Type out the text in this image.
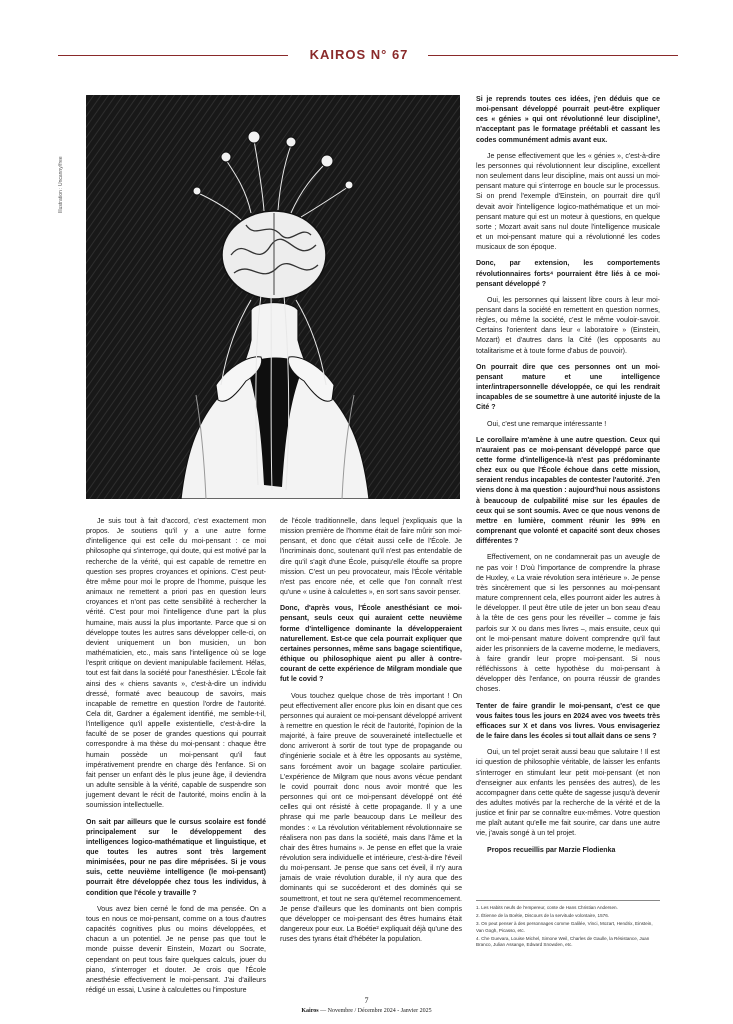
KAIROS N° 67
Illustration : Uncanny/free

Je suis tout à fait d'accord, c'est exactement mon propos. Je soutiens qu'il y a une autre forme d'intelligence qui est celle du moi-pensant : ce moi philosophe qui s'interroge, qui doute, qui est motivé par la recherche de la vérité, qui est capable de remettre en question ses propres croyances et opinions. C'est peut-être même pour moi le propre de l'homme, puisque les animaux ne remettent a priori pas en question leurs croyances et n'ont pas cette sensibilité à rechercher la vérité. C'est pour moi l'intelligence d'une part la plus humaine, mais aussi la plus importante. Parce que si on développe toutes les autres sans développer celle-ci, on devient uniquement un bon musicien, un bon mathématicien, etc., mais sans l'intelligence où se loge l'esprit critique on devient manipulable facilement. Hélas, tout est fait dans la société pour l'anesthésier. L'École fait ainsi des « chiens savants », c'est-à-dire un individu dressé, formaté avec beaucoup de savoirs, mais incapable de remettre en question l'ordre de l'autorité. Cela dit, Gardner a également identifié, me semble-t-il, l'intelligence qu'il appelle existentielle, c'est-à-dire la faculté de se poser de grandes questions qui pourrait correspondre à ma thèse du moi-pensant : chaque être humain possède un moi-pensant qu'il faut impérativement prendre en charge dès l'enfance. Si on fait penser un enfant dès le plus jeune âge, il deviendra un adulte sensible à la vérité, capable de suspendre son jugement devant le récit de l'autorité, moins enclin à la soumission intellectuelle.

On sait par ailleurs que le cursus scolaire est fondé principalement sur le développement des intelligences logico-mathématique et linguistique, et que toutes les autres sont très largement minimisées, pour ne pas dire méprisées. Si je vous suis, cette neuvième intelligence (le moi-pensant) pourrait être développée chez tous les individus, à condition que l'école y travaille ?

Vous avez bien cerné le fond de ma pensée. On a tous en nous ce moi-pensant, comme on a tous d'autres capacités cognitives plus ou moins développées, et chacun a un potentiel. Je ne pense pas que tout le monde puisse devenir Einstein, Mozart ou Socrate, cependant on peut tous faire quelques calculs, jouer du piano, s'interroger et douter. Je crois que l'École anesthésie effectivement le moi-pensant. J'ai d'ailleurs rédigé un essai, L'usine à calculettes ou l'imposture

de l'école traditionnelle, dans lequel j'expliquais que la mission première de l'homme était de faire mûrir son moi-pensant, et donc que c'était aussi celle de l'École. Je l'incriminais donc, soutenant qu'il n'est pas entendable de dire qu'il s'agit d'une École, puisqu'elle étouffe sa propre mission. C'est un peu provocateur, mais l'École véritable n'est pas encore née, et celle que l'on connaît n'est qu'une « usine à calculettes », en sort sans savoir penser.

Donc, d'après vous, l'École anesthésiant ce moi-pensant, seuls ceux qui auraient cette neuvième forme d'intelligence dominante la développeraient naturellement. Est-ce que cela pourrait expliquer que certaines personnes, même sans bagage scientifique, éthique ou philosophique aient pu aller à contre-courant de cette expérience de Milgram mondiale que fut le covid ?

Vous touchez quelque chose de très important ! On peut effectivement aller encore plus loin en disant que ces personnes qui auraient ce moi-pensant développé arrivent à remettre en question le récit de l'autorité, l'opinion de la majorité, à faire preuve de souveraineté intellectuelle et donc arriveront à sortir de tout type de propagande ou d'ingénierie sociale et à être les opposants au système, sans forcément avoir un bagage scolaire particulier. L'expérience de Milgram que nous avons vécue pendant le covid pourrait donc nous avoir montré que les personnes qui ont ce moi-pensant développé ont été celles qui ont résisté à cette propagande. Il y a une phrase qui me parle beaucoup dans Le meilleur des mondes : « La révolution véritablement révolutionnaire se réalisera non pas dans la société, mais dans l'âme et la chair des êtres humains ». Je pense en effet que la vraie révolution sera individuelle et intérieure, c'est-à-dire l'éveil du moi-pensant. Je pense que sans cet éveil, il n'y aura jamais de vraie révolution durable, il n'y aura que des dominants qui se succéderont et des dominés qui se soumettront, et tout ne sera qu'éternel recommencement. Je pense d'ailleurs que les dominants ont bien compris que développer ce moi-pensant des êtres humains était dangereux pour eux. La Boétie² expliquait déjà qu'une des ruses des tyrans était d'hébéter la population.

Si je reprends toutes ces idées, j'en déduis que ce moi-pensant développé pourrait peut-être expliquer ces « génies » qui ont révolutionné leur discipline³, n'acceptant pas le formatage préétabli et cassant les codes communément admis avant eux.

Je pense effectivement que les « génies », c'est-à-dire les personnes qui révolutionnent leur discipline, excellent non seulement dans leur discipline, mais ont aussi un moi-pensant mature qui s'interroge en boucle sur le processus. Si on prend l'exemple d'Einstein, on pourrait dire qu'il devait avoir l'intelligence logico-mathématique et un moi-pensant mature qui est un moteur à questions, en quelque sorte ; Mozart avait sans nul doute l'intelligence musicale et un moi-pensant mature qui a révolutionné les codes musicaux de son époque.

Donc, par extension, les comportements révolutionnaires forts⁴ pourraient être liés à ce moi-pensant développé ?

Oui, les personnes qui laissent libre cours à leur moi-pensant dans la société en remettent en question normes, règles, ou même la société, c'est le même vouloir-savoir. Certains l'orientent dans leur « laboratoire » (Einstein, Mozart) et d'autres dans la Cité (les opposants au totalitarisme et à toute forme d'abus de pouvoir).

On pourrait dire que ces personnes ont un moi-pensant mature et une intelligence inter/intrapersonnelle développée, ce qui les rendrait incapables de se soumettre à une autorité injuste de la Cité ?

Oui, c'est une remarque intéressante !

Le corollaire m'amène à une autre question. Ceux qui n'auraient pas ce moi-pensant développé parce que cette forme d'intelligence-là n'est pas prédominante chez eux ou que l'École échoue dans cette mission, seraient rendus incapables de contester l'autorité. J'en viens donc à ma question : aujourd'hui nous assistons à beaucoup de culpabilité mise sur les épaules de ceux qui se sont soumis. Avec ce que nous venons de mettre en lumière, comment réunir les 99% en comprenant que volonté et capacité sont deux choses différentes ?

Effectivement, on ne condamnerait pas un aveugle de ne pas voir ! D'où l'importance de comprendre la phrase de Huxley, « La vraie révolution sera intérieure ». Je pense très sincèrement que si les personnes au moi-pensant mature comprennent cela, elles pourront aider les autres à le développer. Il peut être utile de jeter un bon seau d'eau à la tête de ces gens pour les réveiller – comme je fais parfois sur X ou dans mes livres –, mais ensuite, ceux qui ont le moi-pensant mature doivent comprendre qu'il faut aider les prisonniers de la caverne moderne, le mediavers, à faire grandir leur propre moi-pensant. Si nous réfléchissons à cette hypothèse du moi-pensant à développer dès l'enfance, on pourra réussir de grandes choses.

Tenter de faire grandir le moi-pensant, c'est ce que vous faites tous les jours en 2024 avec vos tweets très efficaces sur X et dans vos livres. Vous envisageriez de le faire dans les écoles si tout allait dans ce sens ?

Oui, un tel projet serait aussi beau que salutaire ! Il est ici question de philosophie véritable, de laisser les enfants s'interroger en stimulant leur petit moi-pensant (et non d'enseigner aux enfants les pensées des autres), de les accompagner dans cette quête de sagesse jusqu'à devenir des adultes motivés par la recherche de la vérité et de la justice et finir par se connaître eux-mêmes. Votre question me plaît autant qu'elle me fait sourire, car dans une autre vie, j'avais songé à un tel projet.

Propos recueillis par Marzie Flodienka

1. Les Habits neufs de l'empereur, conte de Hans Christian Andersen.
2. Étienne de la Boétie, Discours de la servitude volontaire, 1576.
3. On peut penser à des personnages comme Galilée, Vinci, Mozart, Hendrix, Einstein, Van Gogh, Picasso, etc.
4. Che Guevara, Louise Michel, Simone Weil, Charles de Gaulle, la Résistance, Juan Branco, Julian Assange, Edward Snowden, etc.
7
Kairos — Novembre / Décembre 2024 - Janvier 2025
